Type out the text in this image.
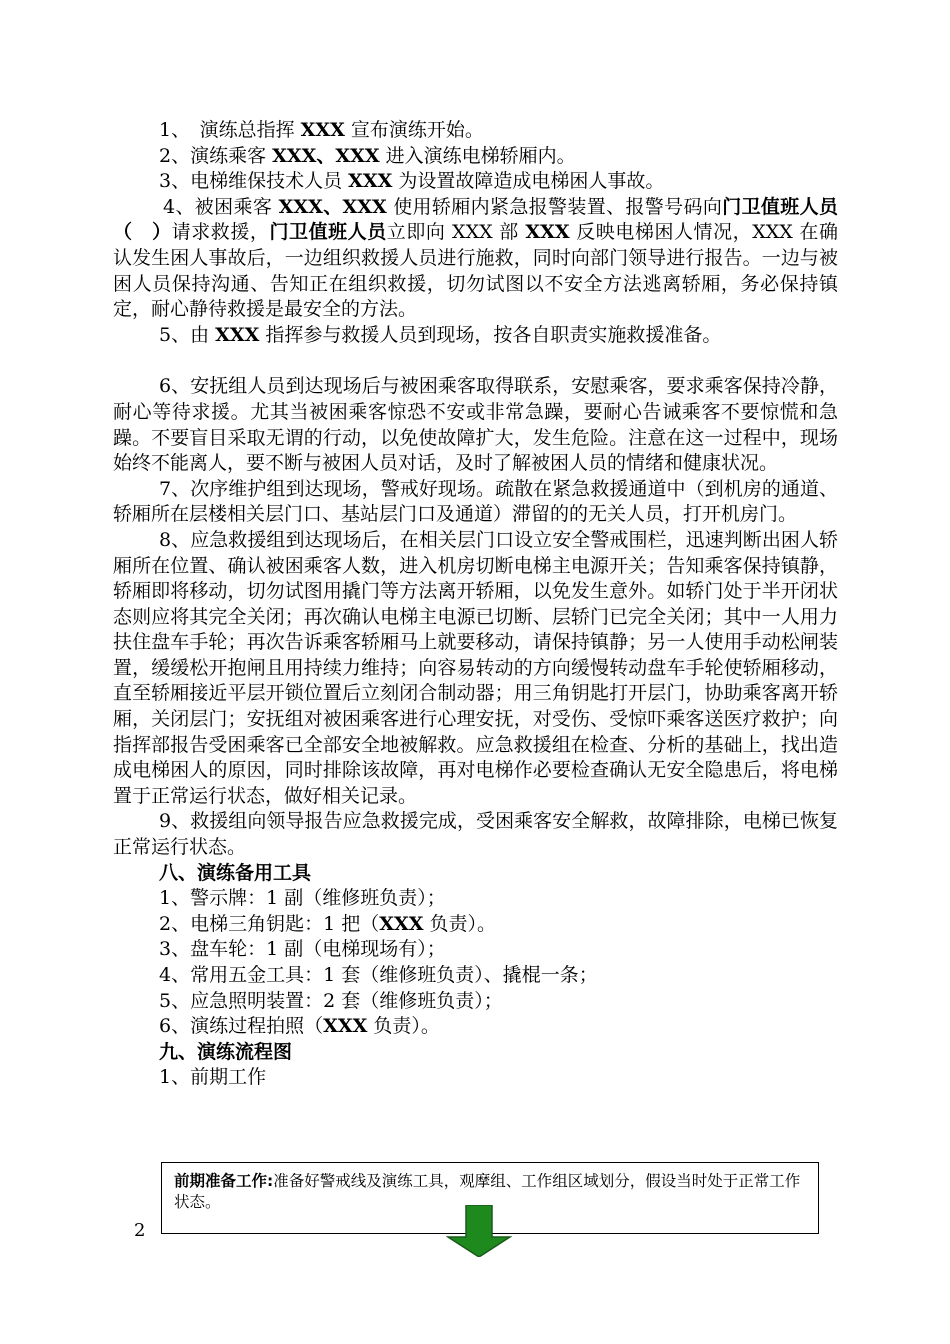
1、　演练总指挥 XXX 宣布演练开始。

2、演练乘客 XXX、XXX 进入演练电梯轿厢内。

3、电梯维保技术人员 XXX 为设置故障造成电梯困人事故。

4、被困乘客 XXX、XXX 使用轿厢内紧急报警装置、报警号码向门卫值班人员（　）请求救援，门卫值班人员立即向 XXX 部 XXX 反映电梯困人情况，XXX 在确认发生困人事故后，一边组织救援人员进行施救，同时向部门领导进行报告。一边与被困人员保持沟通、告知正在组织救援，切勿试图以不安全方法逃离轿厢，务必保持镇定，耐心静待救援是最安全的方法。

5、由 XXX 指挥参与救援人员到现场，按各自职责实施救援准备。

6、安抚组人员到达现场后与被困乘客取得联系，安慰乘客，要求乘客保持冷静，耐心等待求援。尤其当被困乘客惊恐不安或非常急躁，要耐心告诫乘客不要惊慌和急躁。不要盲目采取无谓的行动，以免使故障扩大，发生危险。注意在这一过程中，现场始终不能离人，要不断与被困人员对话，及时了解被困人员的情绪和健康状况。

7、次序维护组到达现场，警戒好现场。疏散在紧急救援通道中（到机房的通道、轿厢所在层楼相关层门口、基站层门口及通道）滞留的的无关人员，打开机房门。

8、应急救援组到达现场后，在相关层门口设立安全警戒围栏，迅速判断出困人轿厢所在位置、确认被困乘客人数，进入机房切断电梯主电源开关；告知乘客保持镇静，轿厢即将移动，切勿试图用撬门等方法离开轿厢，以免发生意外。如轿门处于半开闭状态则应将其完全关闭；再次确认电梯主电源已切断、层轿门已完全关闭；其中一人用力扶住盘车手轮；再次告诉乘客轿厢马上就要移动，请保持镇静；另一人使用手动松闸装置，缓缓松开抱闸且用持续力维持；向容易转动的方向缓慢转动盘车手轮使轿厢移动，直至轿厢接近平层开锁位置后立刻闭合制动器；用三角钥匙打开层门，协助乘客离开轿厢，关闭层门；安抚组对被困乘客进行心理安抚，对受伤、受惊吓乘客送医疗救护；向指挥部报告受困乘客已全部安全地被解救。应急救援组在检查、分析的基础上，找出造成电梯困人的原因，同时排除该故障，再对电梯作必要检查确认无安全隐患后，将电梯置于正常运行状态，做好相关记录。

9、救援组向领导报告应急救援完成，受困乘客安全解救，故障排除，电梯已恢复正常运行状态。

八、演练备用工具

1、警示牌：1 副（维修班负责）；

2、电梯三角钥匙：1 把（XXX 负责）。

3、盘车轮：1 副（电梯现场有）；

4、常用五金工具：1 套（维修班负责）、撬棍一条；

5、应急照明装置：2 套（维修班负责）；

6、演练过程拍照（XXX 负责）。

九、演练流程图

1、前期工作

前期准备工作:准备好警戒线及演练工具，观摩组、工作组区域划分，假设当时处于正常工作状态。
2
